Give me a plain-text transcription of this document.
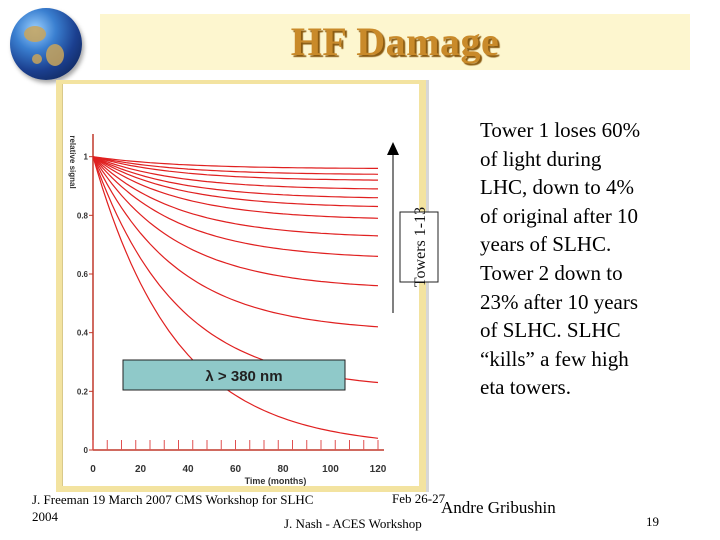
HF Damage
0
0.2
0.4
0.6
0.8
1
0	20	40	60	80	100	120
Time (months)
relative signal
λ > 380 nm
Towers 1-13
Tower 1 loses 60% of light during LHC, down to 4% of original after 10 years of SLHC. Tower 2 down to 23% after 10 years of SLHC. SLHC “kills” a few high eta towers.
J. Freeman 19 March 2007 CMS Workshop for SLHC
2004
Feb 26-27
Andre Gribushin
J. Nash - ACES Workshop	19
